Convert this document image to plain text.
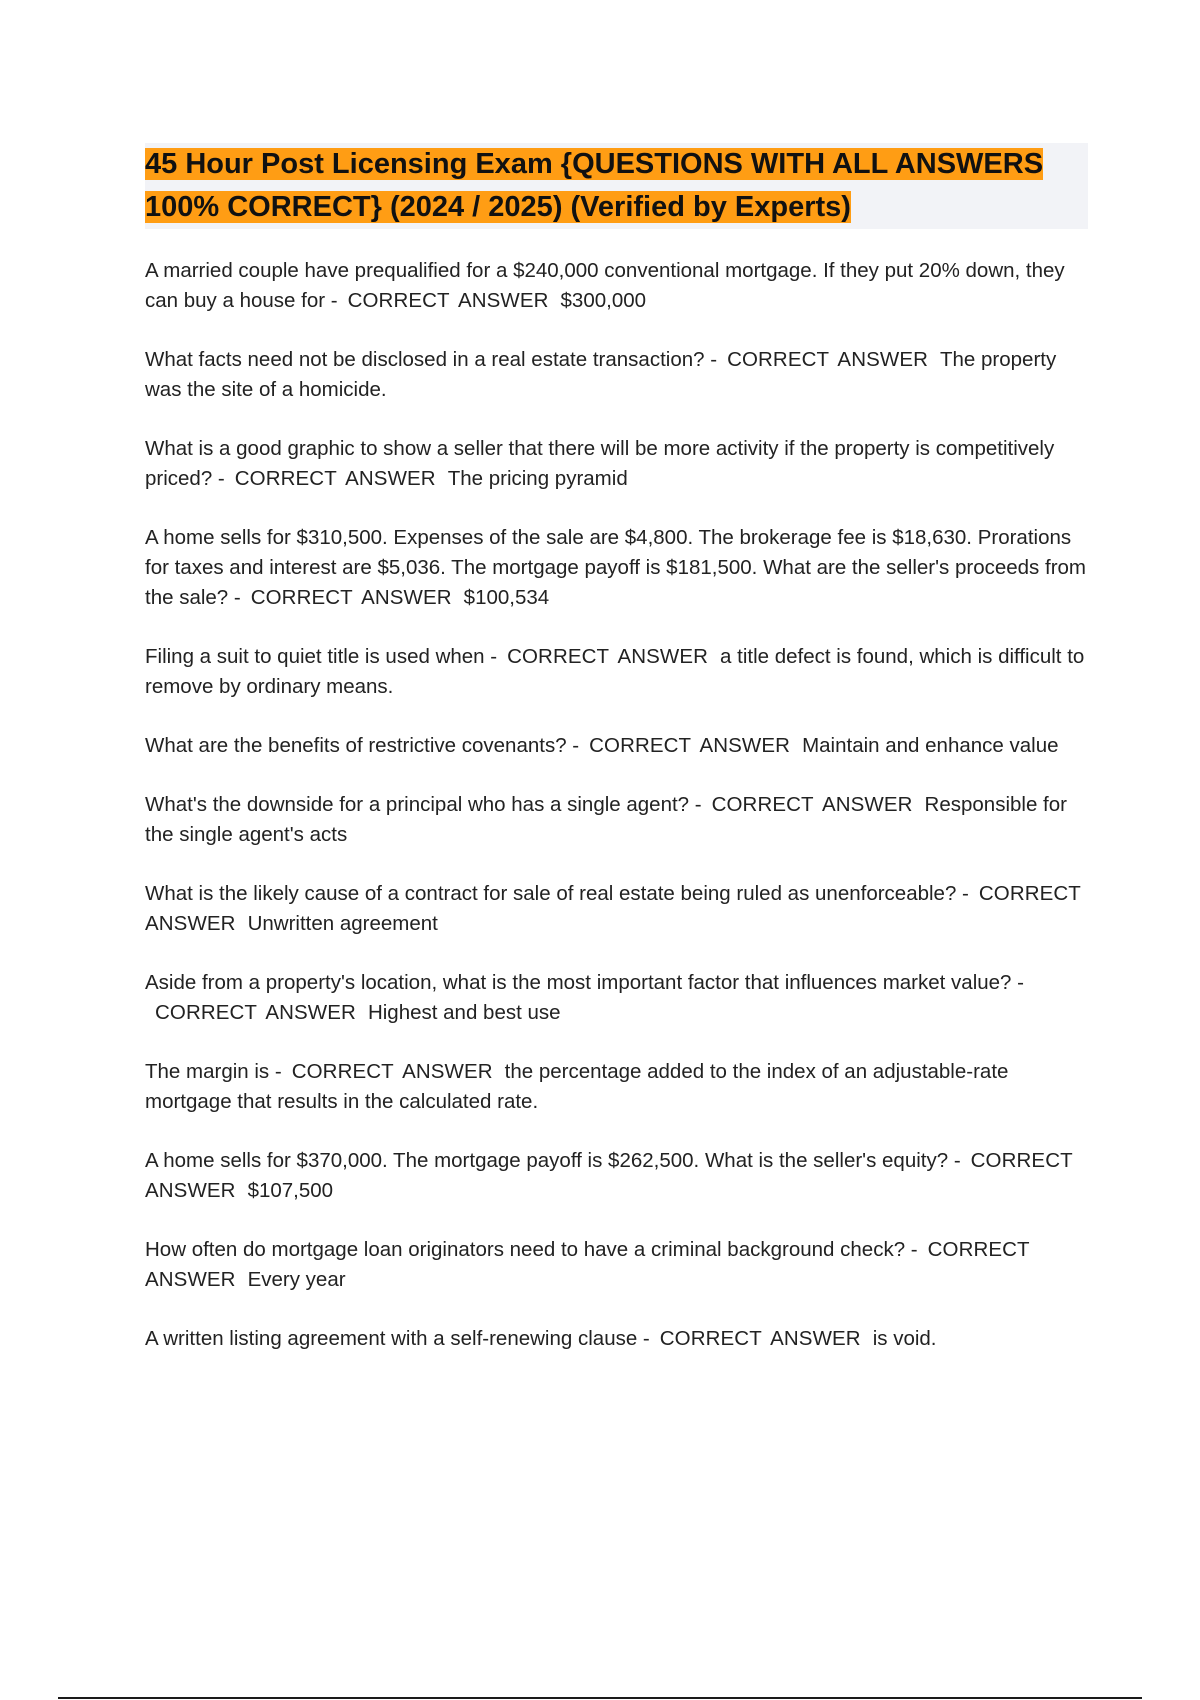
45 Hour Post Licensing Exam {QUESTIONS WITH ALL ANSWERS
100% CORRECT} (2024 / 2025) (Verified by Experts)
A married couple have prequalified for a $240,000 conventional mortgage. If they put 20% down, they can buy a house for - CORRECT ANSWER $300,000
What facts need not be disclosed in a real estate transaction? - CORRECT ANSWER The property was the site of a homicide.
What is a good graphic to show a seller that there will be more activity if the property is competitively priced? - CORRECT ANSWER The pricing pyramid
A home sells for $310,500. Expenses of the sale are $4,800. The brokerage fee is $18,630. Prorations for taxes and interest are $5,036. The mortgage payoff is $181,500. What are the seller's proceeds from the sale? - CORRECT ANSWER $100,534
Filing a suit to quiet title is used when - CORRECT ANSWER a title defect is found, which is difficult to remove by ordinary means.
What are the benefits of restrictive covenants? - CORRECT ANSWER Maintain and enhance value
What's the downside for a principal who has a single agent? - CORRECT ANSWER Responsible for the single agent's acts
What is the likely cause of a contract for sale of real estate being ruled as unenforceable? - CORRECT ANSWER Unwritten agreement
Aside from a property's location, what is the most important factor that influences market value? -CORRECT ANSWER Highest and best use
The margin is - CORRECT ANSWER the percentage added to the index of an adjustable-rate mortgage that results in the calculated rate.
A home sells for $370,000. The mortgage payoff is $262,500. What is the seller's equity? - CORRECT ANSWER $107,500
How often do mortgage loan originators need to have a criminal background check? - CORRECT ANSWER Every year
A written listing agreement with a self-renewing clause - CORRECT ANSWER is void.
